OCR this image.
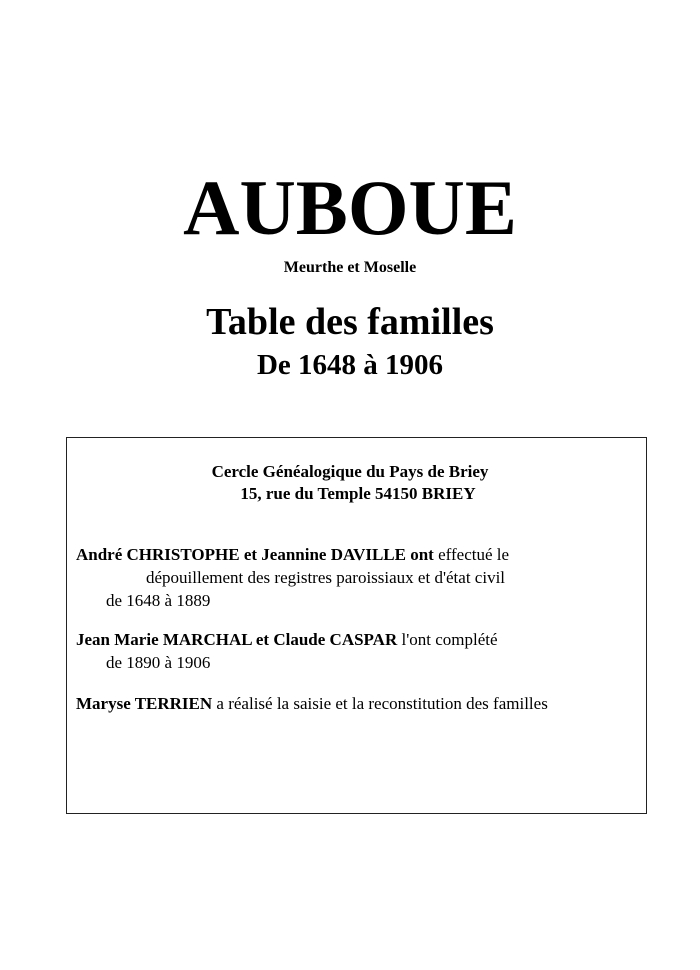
AUBOUE
Meurthe et Moselle
Table des familles
De 1648 à 1906
Cercle Généalogique du Pays de Briey
15, rue du Temple 54150 BRIEY
André CHRISTOPHE et Jeannine DAVILLE ont effectué le
dépouillement des registres paroissiaux et d'état civil
de 1648 à 1889
Jean Marie MARCHAL et Claude CASPAR l'ont complété
de 1890 à 1906
Maryse TERRIEN a réalisé la saisie et la reconstitution des familles
